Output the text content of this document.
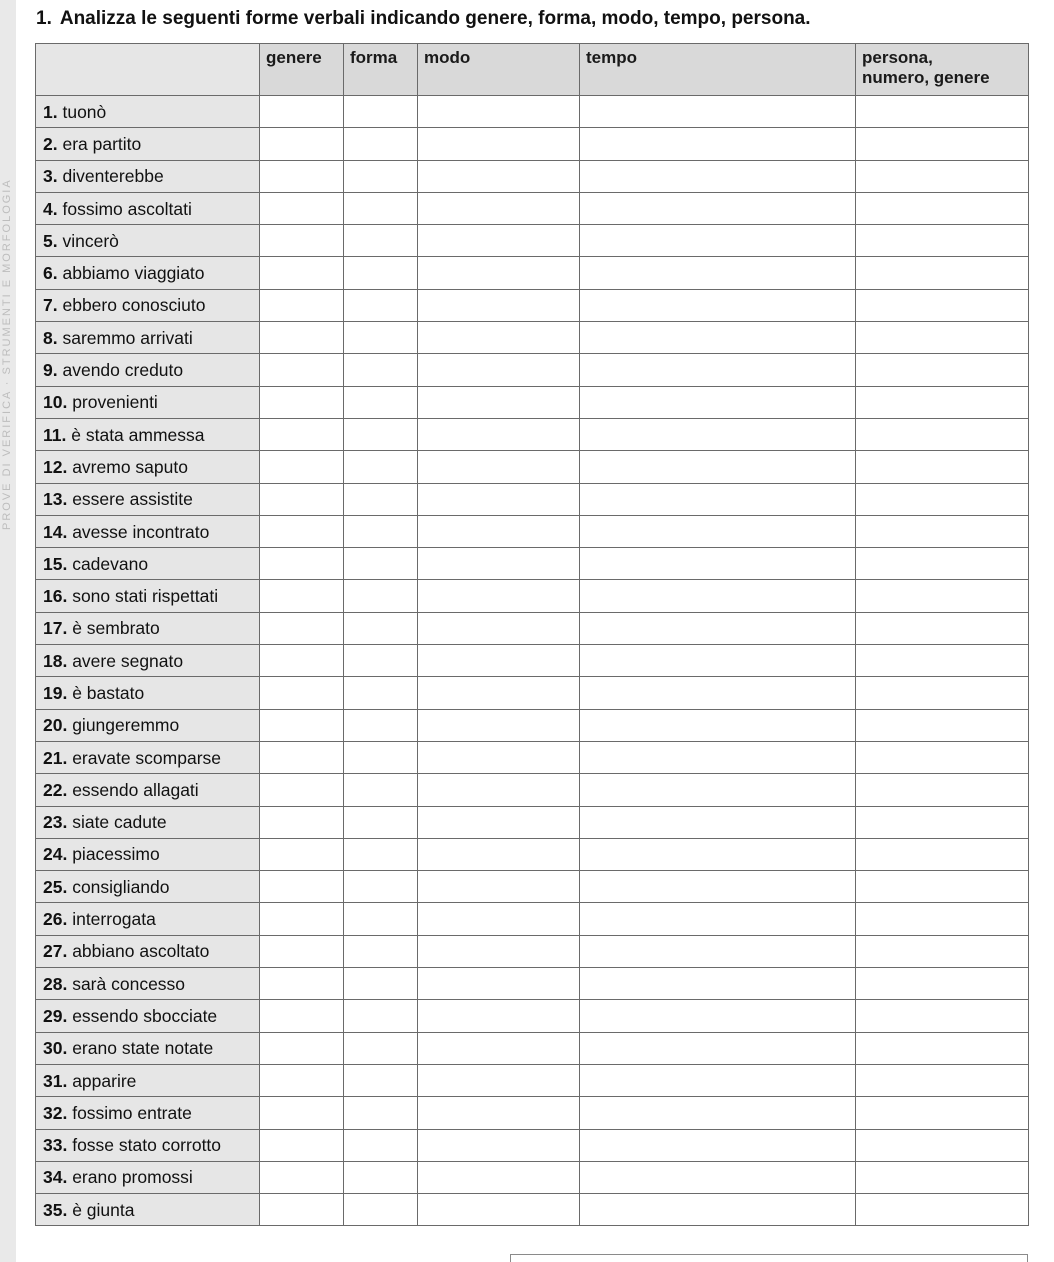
PROVE DI VERIFICA · STRUMENTI E MORFOLOGIA
1. Analizza le seguenti forme verbali indicando genere, forma, modo, tempo, persona.
	genere	forma	modo	tempo	persona,
numero, genere
1. tuonò					
2. era partito					
3. diventerebbe					
4. fossimo ascoltati					
5. vincerò					
6. abbiamo viaggiato					
7. ebbero conosciuto					
8. saremmo arrivati					
9. avendo creduto					
10. provenienti					
11. è stata ammessa					
12. avremo saputo					
13. essere assistite					
14. avesse incontrato					
15. cadevano					
16. sono stati rispettati					
17. è sembrato					
18. avere segnato					
19. è bastato					
20. giungeremmo					
21. eravate scomparse					
22. essendo allagati					
23. siate cadute					
24. piacessimo					
25. consigliando					
26. interrogata					
27. abbiano ascoltato					
28. sarà concesso					
29. essendo sbocciate					
30. erano state notate					
31. apparire					
32. fossimo entrate					
33. fosse stato corrotto					
34. erano promossi					
35. è giunta					
